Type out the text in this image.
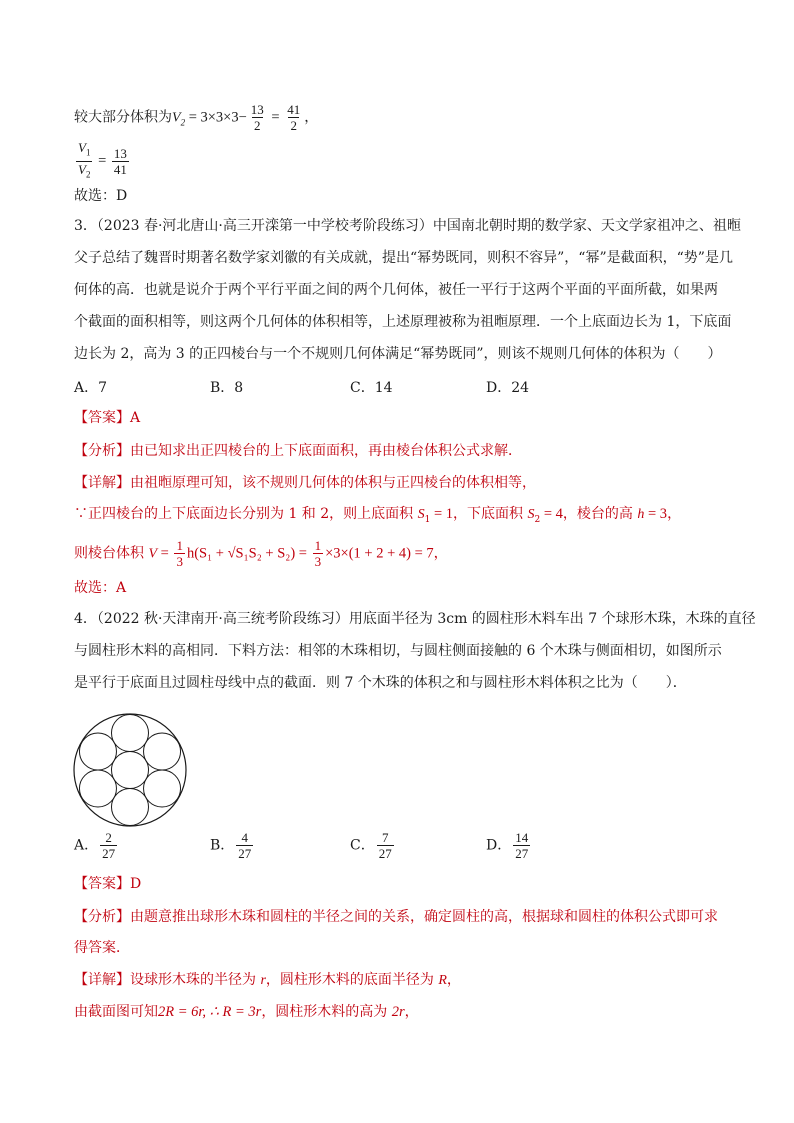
较大部分体积为$V_2 = 3\times 3\times 3- \frac{13}{2} = \frac{41}{2}$ ，
$\frac{V_1}{V_2} = \frac{13}{41}$
故选：D
3．（2023 春·河北唐山·高三开滦第一中学校考阶段练习）中国南北朝时期的数学家、天文学家祖冲之、祖暅
父子总结了魏晋时期著名数学家刘徽的有关成就，提出“幂势既同，则积不容异”，“幂”是截面积，“势”是几
何体的高．也就是说介于两个平行平面之间的两个几何体，被任一平行于这两个平面的平面所截，如果两
个截面的面积相等，则这两个几何体的体积相等，上述原理被称为祖暅原理．一个上底面边长为 1，下底面
边长为 2，高为 3 的正四棱台与一个不规则几何体满足“幂势既同”，则该不规则几何体的体积为（　　）
A．7	B．8	C．14	D．24
【答案】A
【分析】由已知求出正四棱台的上下底面面积，再由棱台体积公式求解．
【详解】由祖暅原理可知，该不规则几何体的体积与正四棱台的体积相等，
∵正四棱台的上下底面边长分别为 1 和 2，则上底面积 $S_1 = 1$，下底面积 $S_2 = 4$，棱台的高 h = 3，
则棱台体积 $V = \frac{1}{3} h(S_1 + √S_1S_2 + S_2) = \frac{1}{3} \times 3\times(1 + 2 + 4) = 7$，
故选：A
4．（2022 秋·天津南开·高三统考阶段练习）用底面半径为 3cm 的圆柱形木料车出 7 个球形木珠，木珠的直径
与圆柱形木料的高相同．下料方法：相邻的木珠相切，与圆柱侧面接触的 6 个木珠与侧面相切，如图所示
是平行于底面且过圆柱母线中点的截面．则 7 个木珠的体积之和与圆柱形木料体积之比为（　　）．
A． $\frac{2}{27}$	B． $\frac{4}{27}$	C． $\frac{7}{27}$	D． $\frac{14}{27}$
【答案】D
【分析】由题意推出球形木珠和圆柱的半径之间的关系，确定圆柱的高，根据球和圆柱的体积公式即可求
得答案．
【详解】设球形木珠的半径为 r，圆柱形木料的底面半径为 R，
由截面图可知2R = 6r, ∴ R = 3r，圆柱形木料的高为 2r，
